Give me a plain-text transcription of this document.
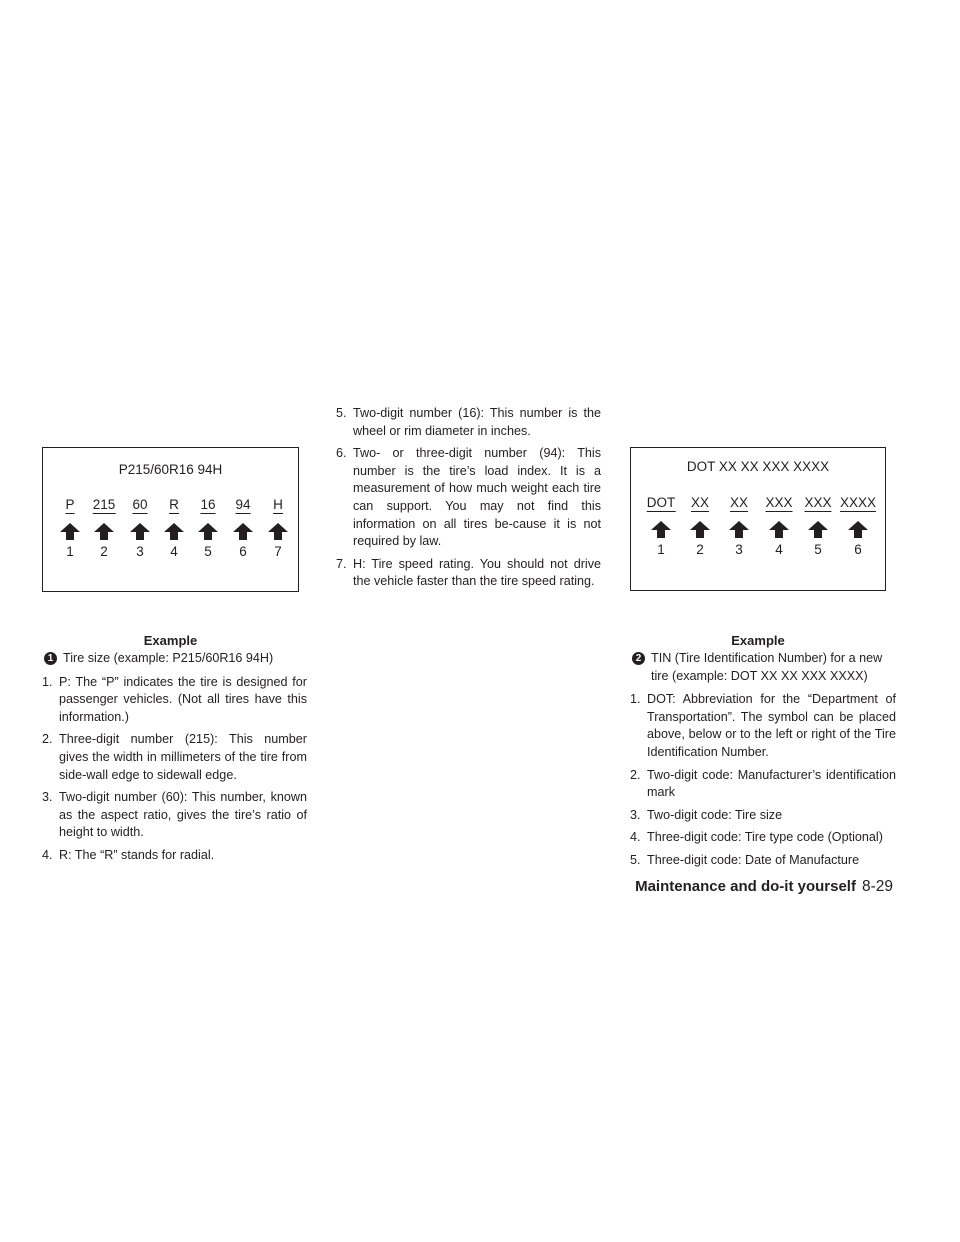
P215/60R16 94H
P 215 60 R 16 94 H
1 2 3 4 5 6 7
Example
DOT XX XX XXX XXXX
DOT XX XX XXX XXX XXXX
1 2 3 4 5 6
Example
1 Tire size (example: P215/60R16 94H)
1. P: The “P” indicates the tire is designed for passenger vehicles. (Not all tires have this information.)
2. Three-digit number (215): This number gives the width in millimeters of the tire from side-wall edge to sidewall edge.
3. Two-digit number (60): This number, known as the aspect ratio, gives the tire’s ratio of height to width.
4. R: The “R” stands for radial.
5. Two-digit number (16): This number is the wheel or rim diameter in inches.
6. Two- or three-digit number (94): This number is the tire’s load index. It is a measurement of how much weight each tire can support. You may not find this information on all tires be-cause it is not required by law.
7. H: Tire speed rating. You should not drive the vehicle faster than the tire speed rating.
2 TIN (Tire Identification Number) for a new tire (example: DOT XX XX XXX XXXX)
1. DOT: Abbreviation for the “Department of Transportation”. The symbol can be placed above, below or to the left or right of the Tire Identification Number.
2. Two-digit code: Manufacturer’s identification mark
3. Two-digit code: Tire size
4. Three-digit code: Tire type code (Optional)
5. Three-digit code: Date of Manufacture
Maintenance and do-it yourself 8-29
